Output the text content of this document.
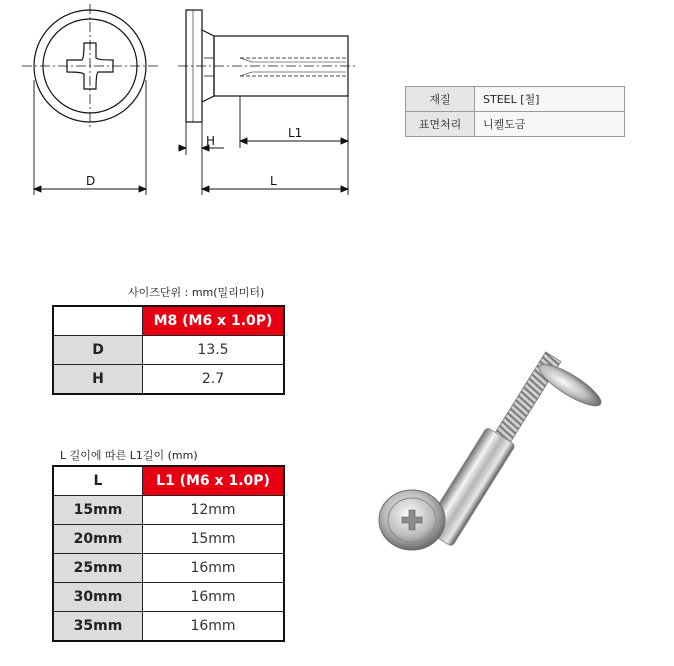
D
H
L1
L
재질	STEEL [철]
표면처리	니켈도금
사이즈단위 : mm(밀리미터)
	M8 (M6 x 1.0P)
D	13.5
H	2.7
L 길이에 따른 L1길이 (mm)
L	L1 (M6 x 1.0P)
15mm	12mm
20mm	15mm
25mm	16mm
30mm	16mm
35mm	16mm
